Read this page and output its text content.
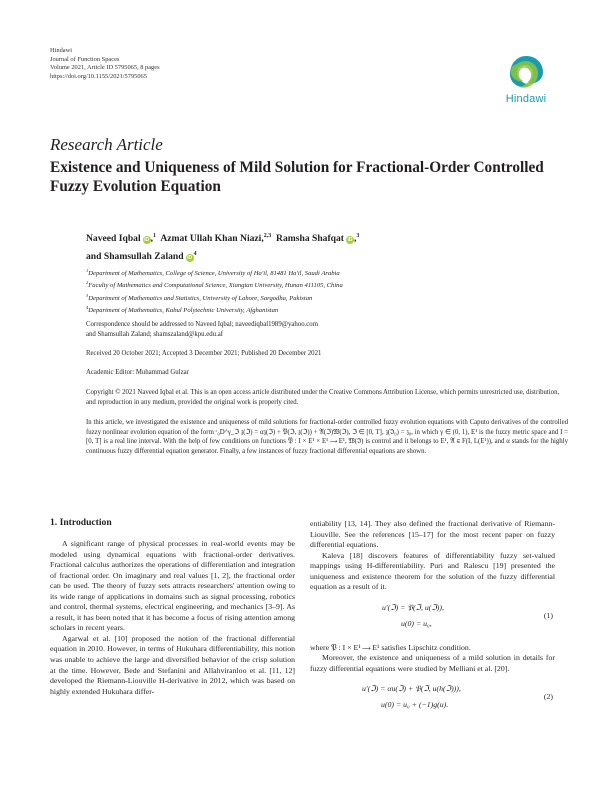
Hindawi
Journal of Function Spaces
Volume 2021, Article ID 5795065, 8 pages
https://doi.org/10.1155/2021/5795065
Hindawi
Research Article
Existence and Uniqueness of Mild Solution for Fractional-Order Controlled Fuzzy Evolution Equation
Naveed Iqbal iD ,$^1$ Azmat Ullah Khan Niazi,$^{2,3}$ Ramsha Shafqat iD ,$^3$
and Shamsullah Zaland $iD^4$
$^1$Department of Mathematics, College of Science, University of Ha'il, 81481 Ha'il, Saudi Arabia
$^2$Faculty of Mathematics and Computational Science, Xiangtan University, Hunan 411105, China
$^3$Department of Mathematics and Statistics, University of Lahore, Sargodha, Pakistan
$^4$Department of Mathematics, Kabul Polytechnic University, Afghanistan
Correspondence should be addressed to Naveed Iqbal; naveediqbal1989@yahoo.com
and Shamsullah Zaland; shamszaland@kpu.edu.af
Received 20 October 2021; Accepted 3 December 2021; Published 20 December 2021
Academic Editor: Muhammad Gulzar
Copyright © 2021 Naveed Iqbal et al. This is an open access article distributed under the Creative Commons Attribution License, which permits unrestricted use, distribution, and reproduction in any medium, provided the original work is properly cited.
In this article, we investigated the existence and uniqueness of mild solutions for fractional-order controlled fuzzy evolution equations with Caputo derivatives of the controlled fuzzy nonlinear evolution equation of the form ᶜ₀D^γ_ℑ 𝔷(ℑ) = α𝔷(ℑ) + 𝔓(ℑ, 𝔷(ℑ)) + 𝔄(ℑ)𝔚(ℑ), ℑ ∈ [0, T], 𝔷(ℑ₀) = 𝔷₀, in which γ ∈ (0, 1), E¹ is the fuzzy metric space and I = [0, T] is a real line interval. With the help of few conditions on functions 𝔓 : I × E¹ × E¹ ⟶ E¹, 𝔚(ℑ) is control and it belongs to E¹, 𝔄 ∈ F(I, L(E¹)), and α stands for the highly continuous fuzzy differential equation generator. Finally, a few instances of fuzzy fractional differential equations are shown.
1. Introduction

A significant range of physical processes in real-world events may be modeled using dynamical equations with fractional-order derivatives. Fractional calculus authorizes the operations of differentiation and integration of fractional order. On imaginary and real values [1, 2], the fractional order can be used. The theory of fuzzy sets attracts researchers' attention owing to its wide range of applications in domains such as signal processing, robotics and control, thermal systems, electrical engineering, and mechanics [3–9]. As a result, it has been noted that it has become a focus of rising attention among scholars in recent years.

Agarwal et al. [10] proposed the notion of the fractional differential equation in 2010. However, in terms of Hukuhara differentiability, this notion was unable to achieve the large and diversified behavior of the crisp solution at the time. However, Bede and Stefanini and Allahviranloo et al. [11, 12] developed the Riemann-Liouville H-derivative in 2012, which was based on highly extended Hukuhara differ-

entiability [13, 14]. They also defined the fractional derivative of Riemann-Liouville. See the references [15–17] for the most recent paper on fuzzy differential equations.

Kaleva [18] discovers features of differentiability fuzzy set-valued mappings using H-differentiability. Puri and Ralescu [19] presented the uniqueness and existence theorem for the solution of the fuzzy differential equation as a result of it.

u′(ℑ) = 𝔓(ℑ, u(ℑ)),
u(0) = u₀,
(1)

where 𝔓 : I × E¹ ⟶ E¹ satisfies Lipschitz condition.

Moreover, the existence and uniqueness of a mild solution in details for fuzzy differential equations were studied by Melliani et al. [20].

u′(ℑ) = αu(ℑ) + 𝔓(ℑ, u(h(ℑ))),
u(0) = u₀ + (−1)g(u).
(2)
